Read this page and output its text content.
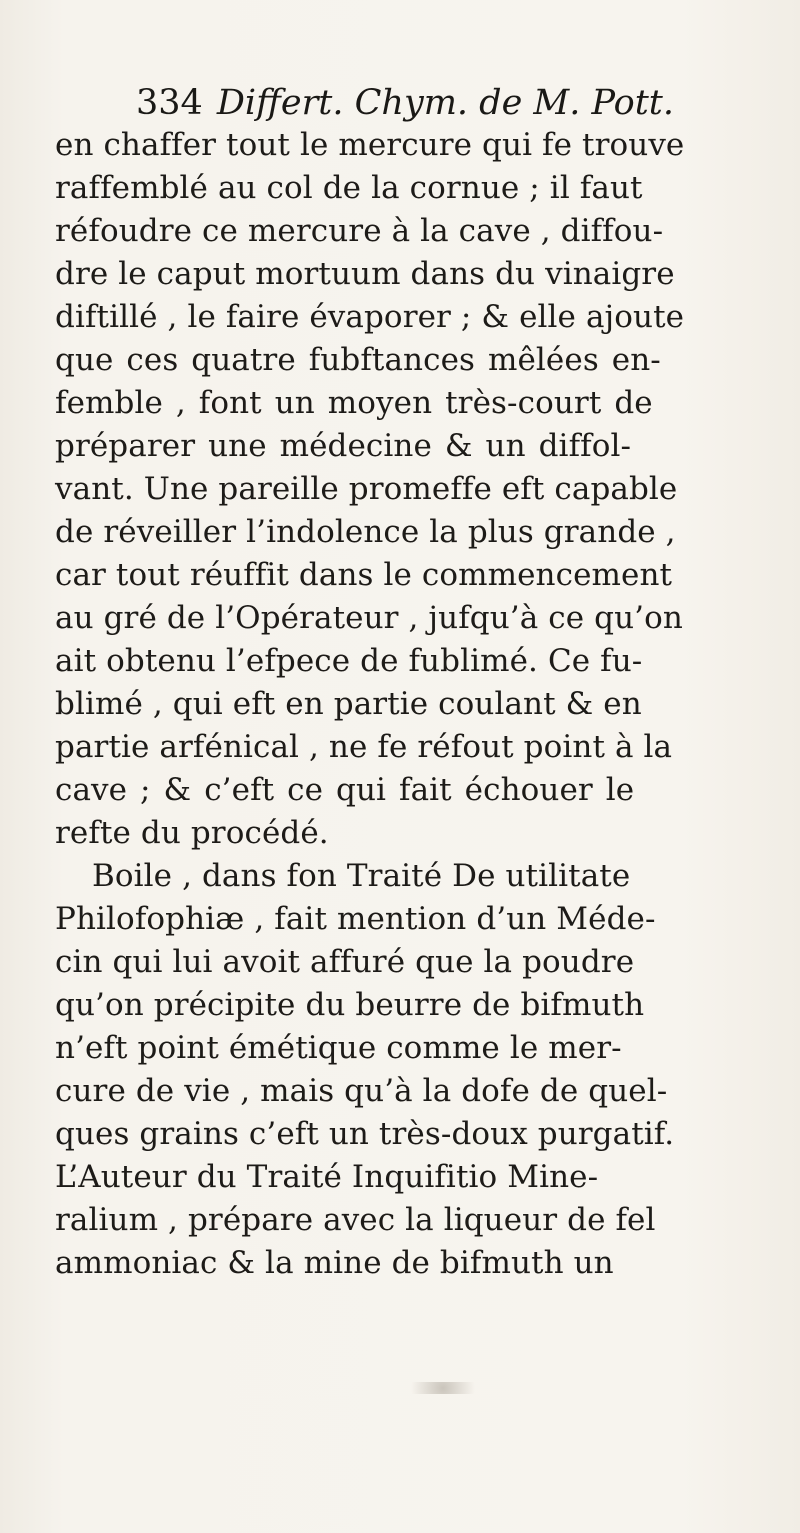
334 Differt. Chym. de M. Pott.
en chaffer tout le mercure qui fe trouve
raffemblé au col de la cornue ; il faut
réfoudre ce mercure à la cave , diffou-
dre le caput mortuum dans du vinaigre
diftillé , le faire évaporer ; & elle ajoute
que ces quatre fubftances mêlées en-
femble , font un moyen très-court de
préparer une médecine & un diffol-
vant. Une pareille promeffe eft capable
de réveiller l’indolence la plus grande ,
car tout réuffit dans le commencement
au gré de l’Opérateur , jufqu’à ce qu’on
ait obtenu l’efpece de fublimé. Ce fu-
blimé , qui eft en partie coulant & en
partie arfénical , ne fe réfout point à la
cave ; & c’eft ce qui fait échouer le
refte du procédé.
Boile , dans fon Traité De utilitate
Philofophiæ , fait mention d’un Méde-
cin qui lui avoit affuré que la poudre
qu’on précipite du beurre de bifmuth
n’eft point émétique comme le mer-
cure de vie , mais qu’à la dofe de quel-
ques grains c’eft un très-doux purgatif.
L’Auteur du Traité Inquifitio Mine-
ralium , prépare avec la liqueur de fel
ammoniac & la mine de bifmuth un
